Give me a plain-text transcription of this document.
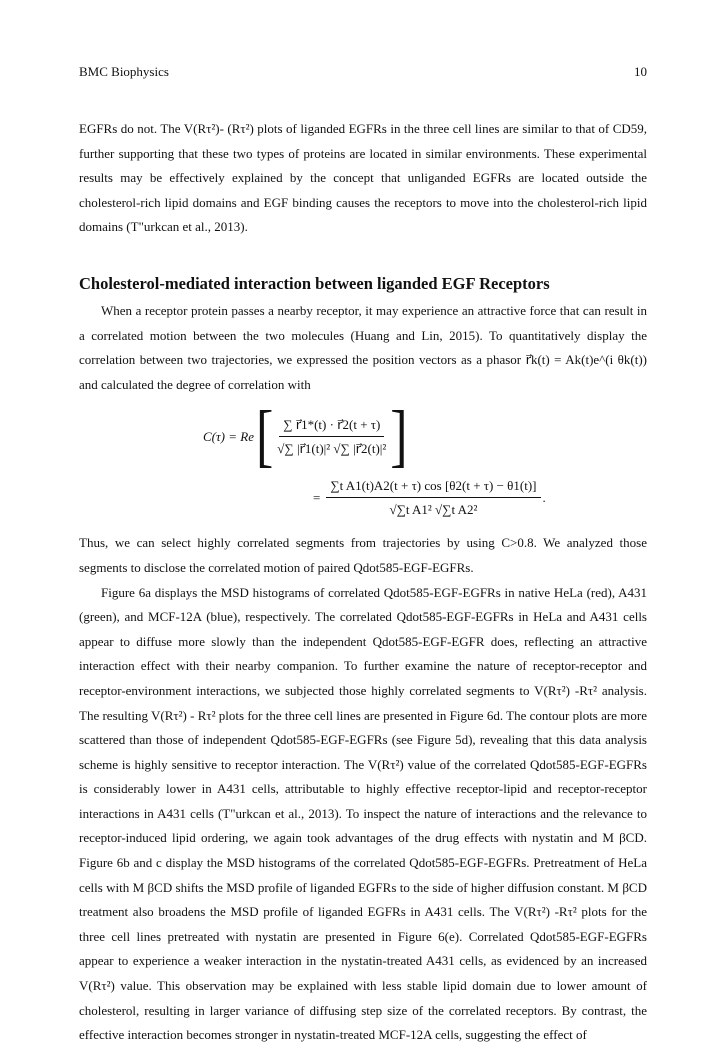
BMC Biophysics	10

EGFRs do not. The V(Rτ²)- (Rτ²) plots of liganded EGFRs in the three cell lines are similar to that of CD59, further supporting that these two types of proteins are located in similar environments. These experimental results may be effectively explained by the concept that unliganded EGFRs are located outside the cholesterol-rich lipid domains and EGF binding causes the receptors to move into the cholesterol-rich lipid domains (T"urkcan et al., 2013).

Cholesterol-mediated interaction between liganded EGF Receptors

When a receptor protein passes a nearby receptor, it may experience an attractive force that can result in a correlated motion between the two molecules (Huang and Lin, 2015). To quantitatively display the correlation between two trajectories, we expressed the position vectors as a phasor r⃗k(t) = Ak(t)e^(i θk(t)) and calculated the degree of correlation with

C(τ) = Re [ $\frac{\sum r⃗1*(t) \cdot r⃗2(t + \tau)}{\text{√∑ |r⃗1(t)|² √∑ |r⃗2(t)|²}}$ ]
= $\frac{\text{∑t A1(t)A2(t + τ) cos [θ2(t + τ) − θ1(t)]}}{\text{√∑t A1² √∑t A2²}}$ .

Thus, we can select highly correlated segments from trajectories by using C>0.8. We analyzed those segments to disclose the correlated motion of paired Qdot585-EGF-EGFRs.

Figure 6a displays the MSD histograms of correlated Qdot585-EGF-EGFRs in native HeLa (red), A431 (green), and MCF-12A (blue), respectively. The correlated Qdot585-EGF-EGFRs in HeLa and A431 cells appear to diffuse more slowly than the independent Qdot585-EGF-EGFR does, reflecting an attractive interaction effect with their nearby companion. To further examine the nature of receptor-receptor and receptor-environment interactions, we subjected those highly correlated segments to V(Rτ²) -Rτ² analysis. The resulting V(Rτ²) - Rτ² plots for the three cell lines are presented in Figure 6d. The contour plots are more scattered than those of independent Qdot585-EGF-EGFRs (see Figure 5d), revealing that this data analysis scheme is highly sensitive to receptor interaction. The V(Rτ²) value of the correlated Qdot585-EGF-EGFRs is considerably lower in A431 cells, attributable to highly effective receptor-lipid and receptor-receptor interactions in A431 cells (T"urkcan et al., 2013). To inspect the nature of interactions and the relevance to receptor-induced lipid ordering, we again took advantages of the drug effects with nystatin and M βCD. Figure 6b and c display the MSD histograms of the correlated Qdot585-EGF-EGFRs. Pretreatment of HeLa cells with M βCD shifts the MSD profile of liganded EGFRs to the side of higher diffusion constant. M βCD treatment also broadens the MSD profile of liganded EGFRs in A431 cells. The V(Rτ²) -Rτ² plots for the three cell lines pretreated with nystatin are presented in Figure 6(e). Correlated Qdot585-EGF-EGFRs appear to experience a weaker interaction in the nystatin-treated A431 cells, as evidenced by an increased V(Rτ²) value. This observation may be explained with less stable lipid domain due to lower amount of cholesterol, resulting in larger variance of diffusing step size of the correlated receptors. By contrast, the effective interaction becomes stronger in nystatin-treated MCF-12A cells, suggesting the effect of
